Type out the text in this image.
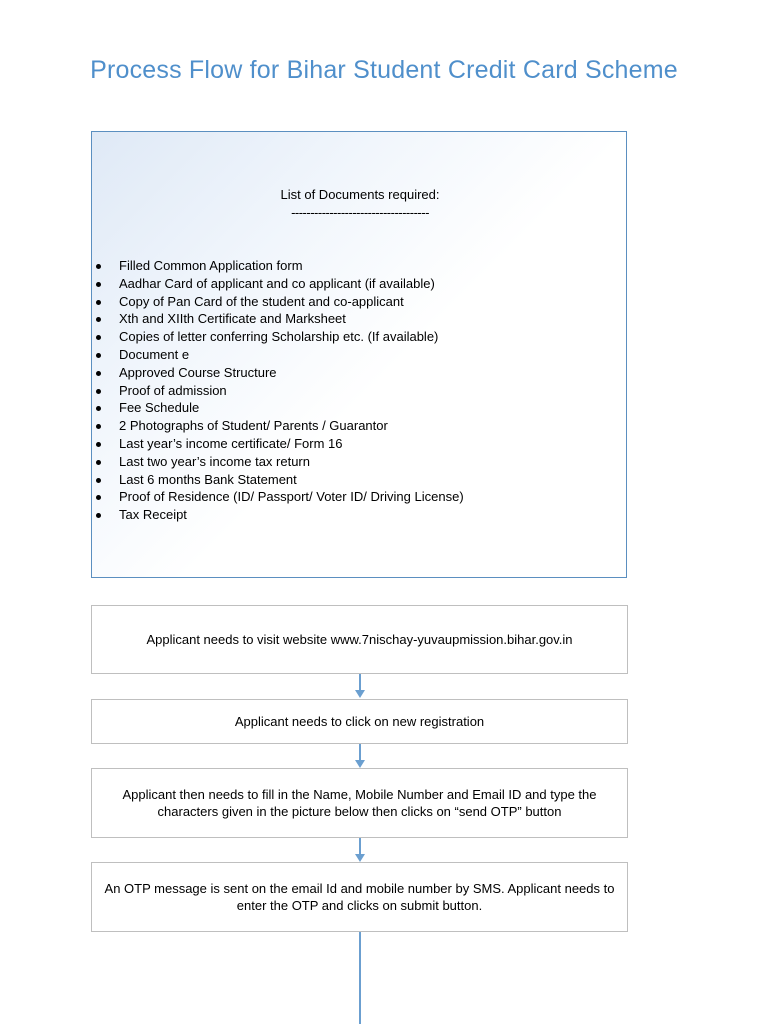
Process Flow for Bihar Student Credit Card Scheme
List of Documents required:
------------------------------------
Filled Common Application form
Aadhar Card of applicant and co applicant (if available)
Copy of Pan Card of the student and co-applicant
Xth and XIIth Certificate and Marksheet
Copies of letter conferring Scholarship etc. (If available)
Document e
Approved Course Structure
Proof of admission
Fee Schedule
2 Photographs of Student/ Parents / Guarantor
Last year’s income certificate/ Form 16
Last two year’s income tax return
Last 6 months Bank Statement
Proof of Residence (ID/ Passport/ Voter ID/ Driving License)
Tax Receipt
Applicant needs to visit website www.7nischay-yuvaupmission.bihar.gov.in
Applicant needs to click on new registration
Applicant then needs to fill in the Name, Mobile Number and Email ID and type the characters given in the picture below then clicks on “send OTP” button
An OTP message is sent on the email Id and mobile number by SMS. Applicant needs to enter the OTP and clicks on submit button.
